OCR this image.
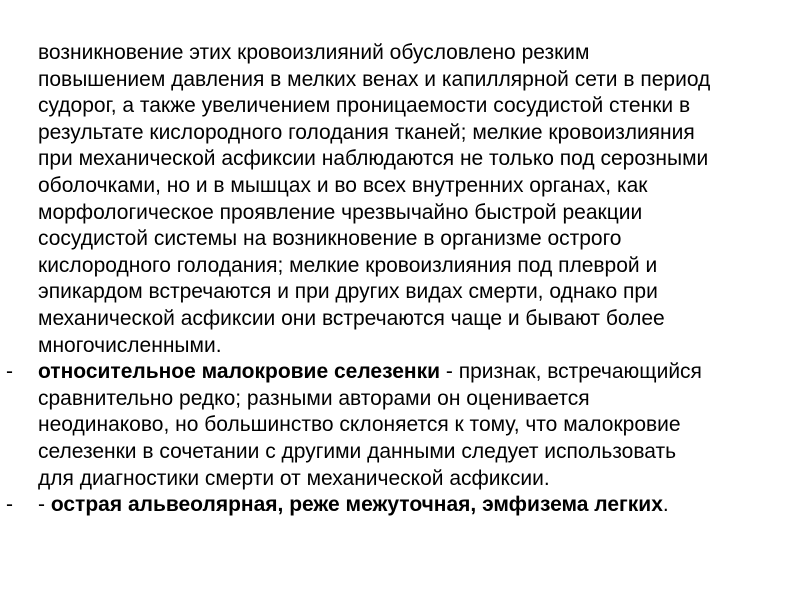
возникновение этих кровоизлияний обусловлено резким
повышением давления в мелких венах и капиллярной сети в период
судорог, а также увеличением проницаемости сосудистой стенки в
результате кислородного голодания тканей; мелкие кровоизлияния
при механической асфиксии наблюдаются не только под серозными
оболочками, но и в мышцах и во всех внутренних органах, как
морфологическое проявление чрезвычайно быстрой реакции
сосудистой системы на возникновение в организме острого
кислородного голодания; мелкие кровоизлияния под плеврой и
эпикардом встречаются и при других видах смерти, однако при
механической асфиксии они встречаются чаще и бывают более
многочисленными.
- относительное малокровие селезенки - признак, встречающийся
сравнительно редко; разными авторами он оценивается
неодинаково, но большинство склоняется к тому, что малокровие
селезенки в сочетании с другими данными следует использовать
для диагностики смерти от механической асфиксии.
- - острая альвеолярная, реже межуточная, эмфизема легких.
